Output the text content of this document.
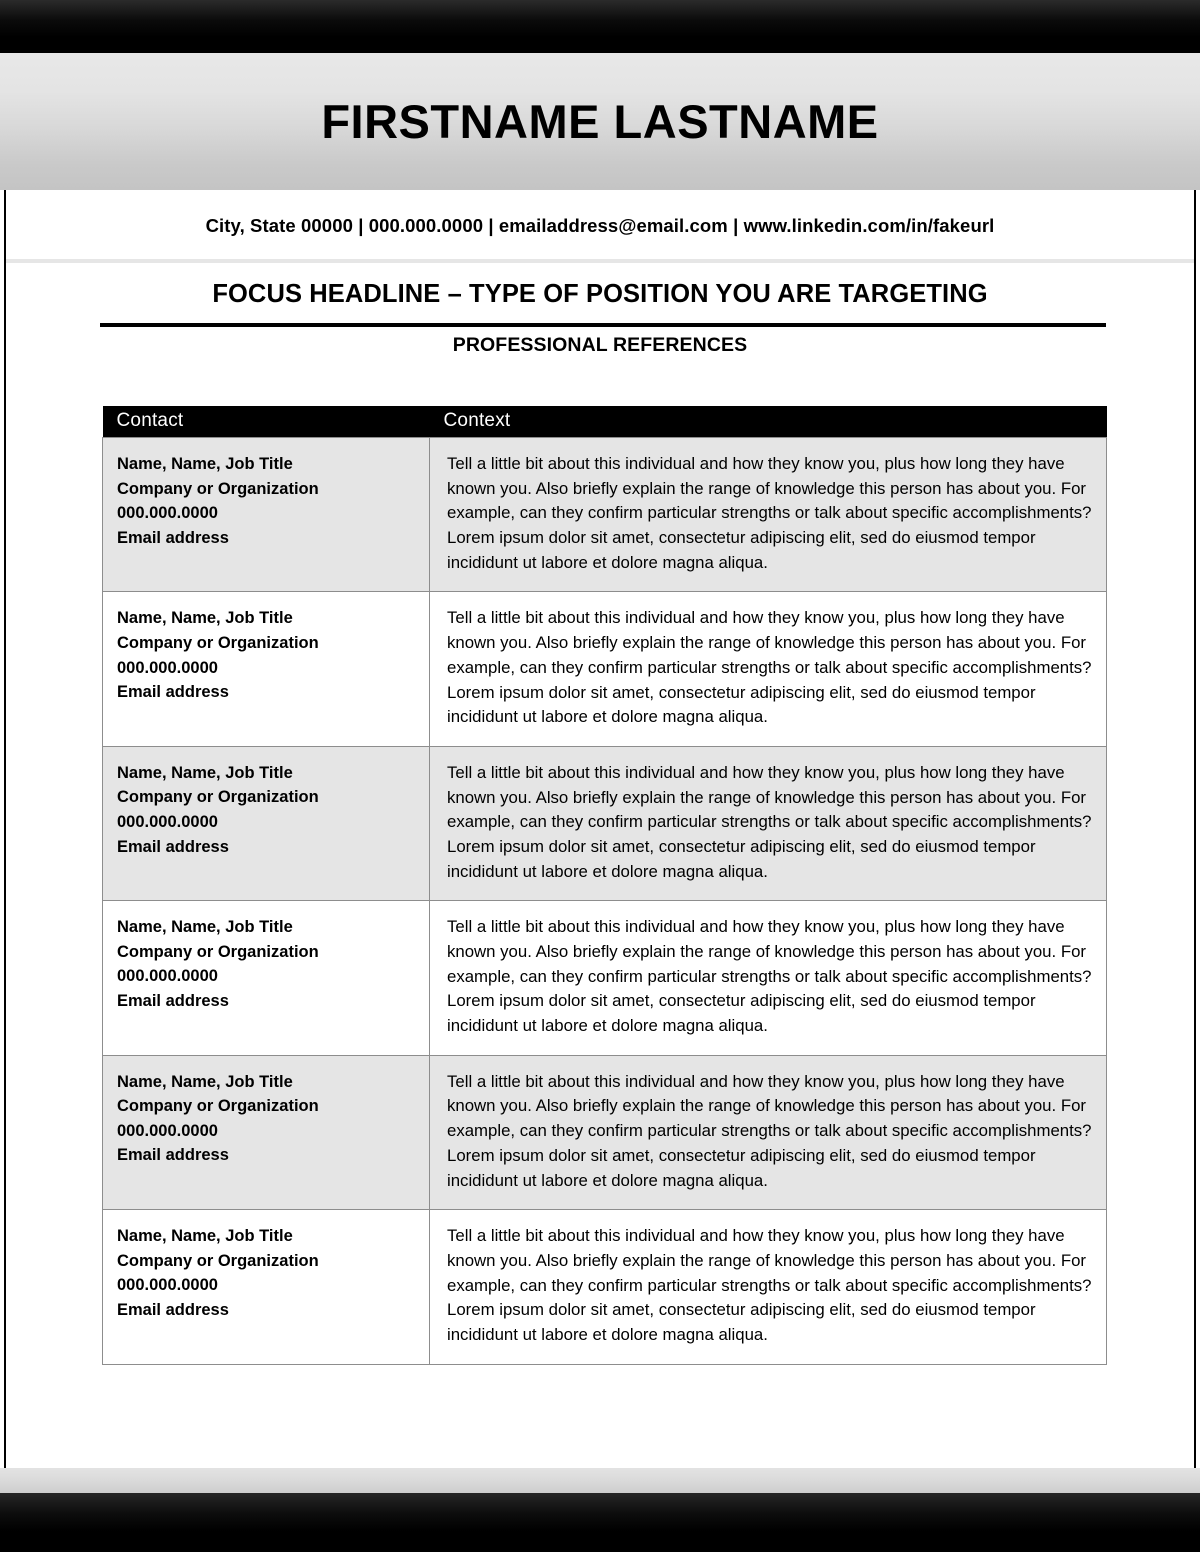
FIRSTNAME LASTNAME
City, State 00000 | 000.000.0000 | emailaddress@email.com | www.linkedin.com/in/fakeurl
FOCUS HEADLINE – TYPE OF POSITION YOU ARE TARGETING
PROFESSIONAL REFERENCES
Contact	Context

Name, Name, Job Title
Company or Organization
000.000.0000
Email address
	Tell a little bit about this individual and how they know you, plus how long they have known you. Also briefly explain the range of knowledge this person has about you. For example, can they confirm particular strengths or talk about specific accomplishments? Lorem ipsum dolor sit amet, consectetur adipiscing elit, sed do eiusmod tempor incididunt ut labore et dolore magna aliqua.

Name, Name, Job Title
Company or Organization
000.000.0000
Email address
	Tell a little bit about this individual and how they know you, plus how long they have known you. Also briefly explain the range of knowledge this person has about you. For example, can they confirm particular strengths or talk about specific accomplishments? Lorem ipsum dolor sit amet, consectetur adipiscing elit, sed do eiusmod tempor incididunt ut labore et dolore magna aliqua.

Name, Name, Job Title
Company or Organization
000.000.0000
Email address
	Tell a little bit about this individual and how they know you, plus how long they have known you. Also briefly explain the range of knowledge this person has about you. For example, can they confirm particular strengths or talk about specific accomplishments? Lorem ipsum dolor sit amet, consectetur adipiscing elit, sed do eiusmod tempor incididunt ut labore et dolore magna aliqua.

Name, Name, Job Title
Company or Organization
000.000.0000
Email address
	Tell a little bit about this individual and how they know you, plus how long they have known you. Also briefly explain the range of knowledge this person has about you. For example, can they confirm particular strengths or talk about specific accomplishments? Lorem ipsum dolor sit amet, consectetur adipiscing elit, sed do eiusmod tempor incididunt ut labore et dolore magna aliqua.

Name, Name, Job Title
Company or Organization
000.000.0000
Email address
	Tell a little bit about this individual and how they know you, plus how long they have known you. Also briefly explain the range of knowledge this person has about you. For example, can they confirm particular strengths or talk about specific accomplishments? Lorem ipsum dolor sit amet, consectetur adipiscing elit, sed do eiusmod tempor incididunt ut labore et dolore magna aliqua.

Name, Name, Job Title
Company or Organization
000.000.0000
Email address
	Tell a little bit about this individual and how they know you, plus how long they have known you. Also briefly explain the range of knowledge this person has about you. For example, can they confirm particular strengths or talk about specific accomplishments? Lorem ipsum dolor sit amet, consectetur adipiscing elit, sed do eiusmod tempor incididunt ut labore et dolore magna aliqua.
